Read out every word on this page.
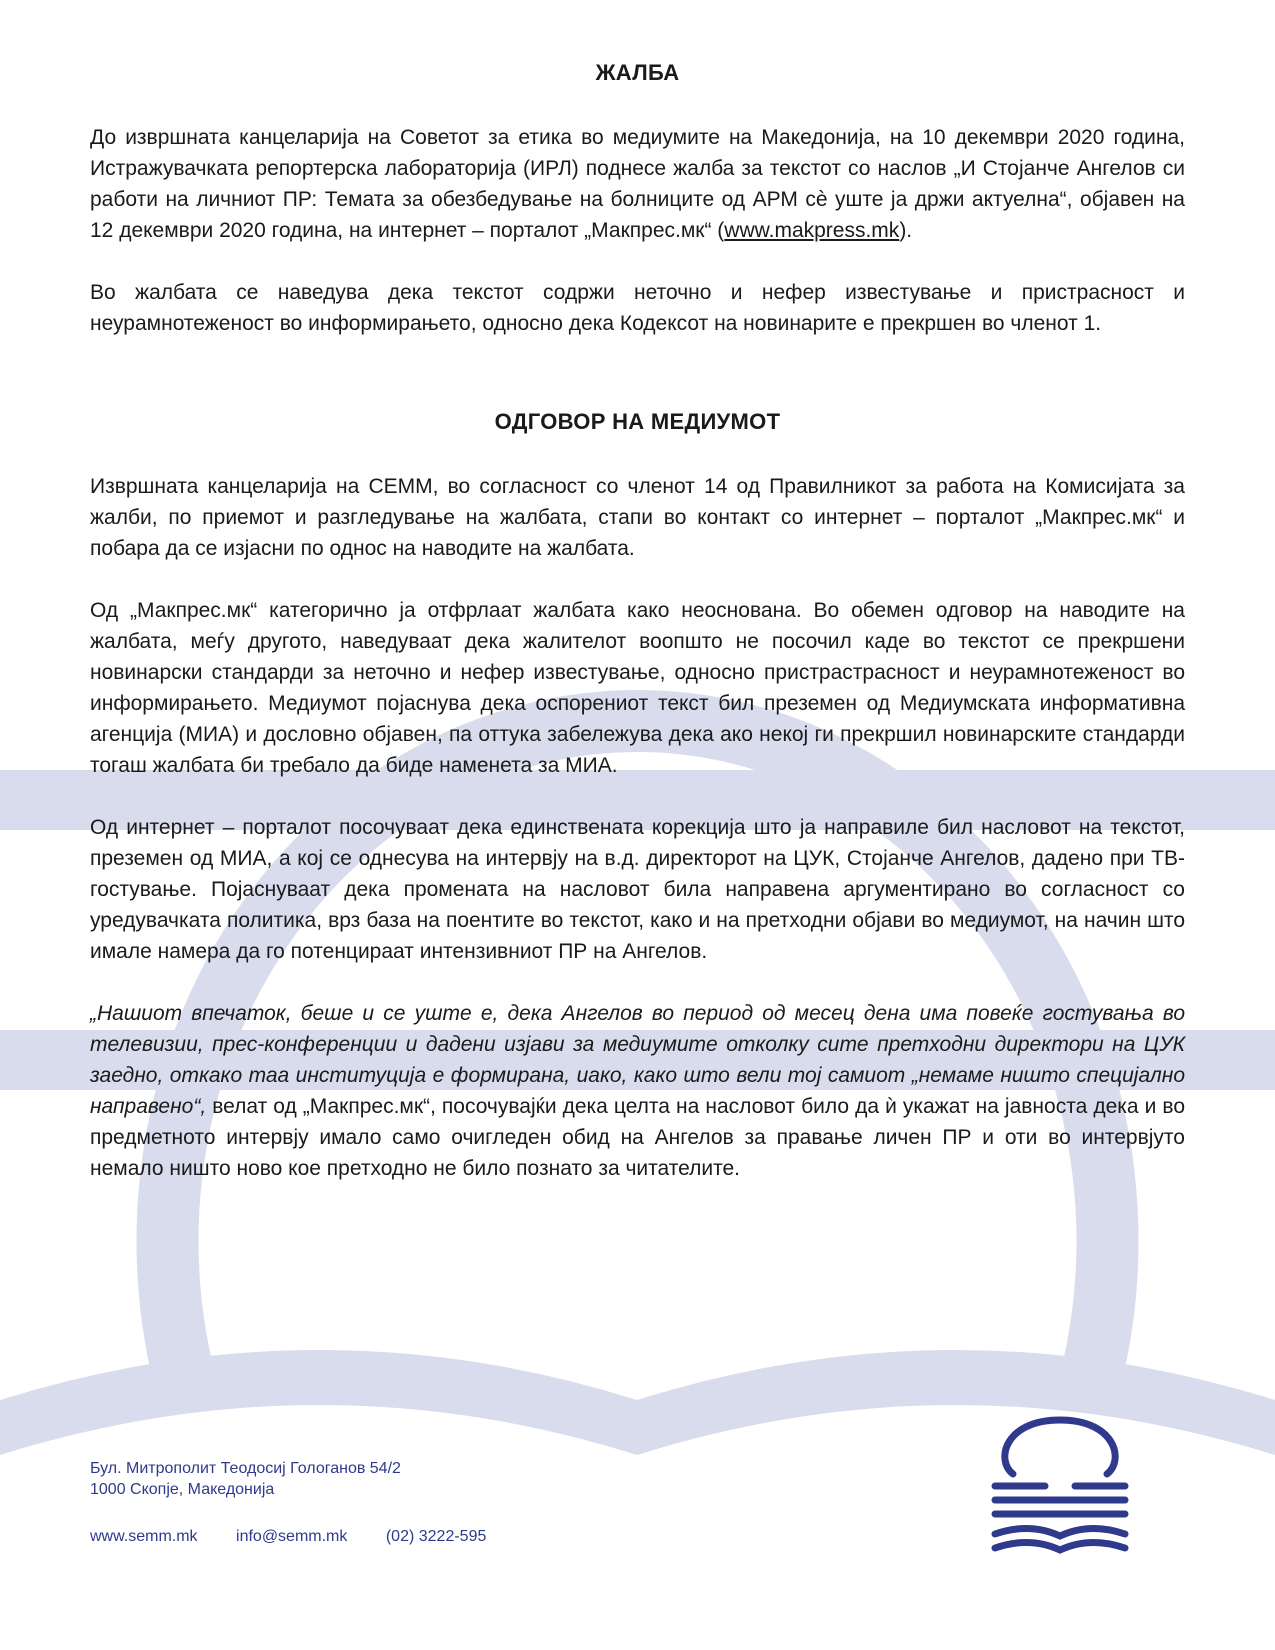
ЖАЛБА

До извршната канцеларија на Советот за етика во медиумите на Македонија, на 10 декември 2020 година, Истражувачката репортерска лабораторија (ИРЛ) поднесе жалба за текстот со наслов „И Стојанче Ангелов си работи на личниот ПР: Темата за обезбедување на болниците од АРМ сè уште ја држи актуелна“, објавен на 12 декември 2020 година, на интернет – порталот „Макпрес.мк“ (www.makpress.mk).

Во жалбата се наведува дека текстот содржи неточно и нефер известување и пристрасност и неурамнотеженост во информирањето, односно дека Кодексот на новинарите е прекршен во членот 1.

ОДГОВОР НА МЕДИУМОТ

Извршната канцеларија на СЕММ, во согласност со членот 14 од Правилникот за работа на Комисијата за жалби, по приемот и разгледување на жалбата, стапи во контакт со интернет – порталот „Макпрес.мк“ и побара да се изјасни по однос на наводите на жалбата.

Од „Макпрес.мк“ категорично ја отфрлаат жалбата како неоснована. Во обемен одговор на наводите на жалбата, меѓу другото, наведуваат дека жалителот воопшто не посочил каде во текстот се прекршени новинарски стандарди за неточно и нефер известување, односно пристрастрасност и неурамнотеженост во информирањето. Медиумот појаснува дека оспорениот текст бил преземен од Медиумската информативна агенција (МИА) и дословно објавен, па оттука забележува дека ако некој ги прекршил новинарските стандарди тогаш жалбата би требало да биде наменета за МИА.

Од интернет – порталот посочуваат дека единствената корекција што ја направиле бил насловот на текстот, преземен од МИА, а кој се однесува на интервју на в.д. директорот на ЦУК, Стојанче Ангелов, дадено при ТВ- гостување. Појаснуваат дека промената на насловот била направена аргументирано во согласност со уредувачката политика, врз база на поентите во текстот, како и на претходни објави во медиумот, на начин што имале намера да го потенцираат интензивниот ПР на Ангелов.

„Нашиот впечаток, беше и се уште е, дека Ангелов во период од месец дена има повеќе гостувања во телевизии, прес-конференции и дадени изјави за медиумите отколку сите претходни директори на ЦУК заедно, откако таа институција е формирана, иако, како што вели тој самиот „немаме ништо специјално направено“, велат од „Макпрес.мк“, посочувајќи дека целта на насловот било да ѝ укажат на јавноста дека и во предметното интервју имало само очигледен обид на Ангелов за правање личен ПР и оти во интервјуто немало ништо ново кое претходно не било познато за читателите.

Бул. Митрополит Теодосиј Гологанов 54/2
1000 Скопје, Македонија
www.semm.mk info@semm.mk (02) 3222-595
